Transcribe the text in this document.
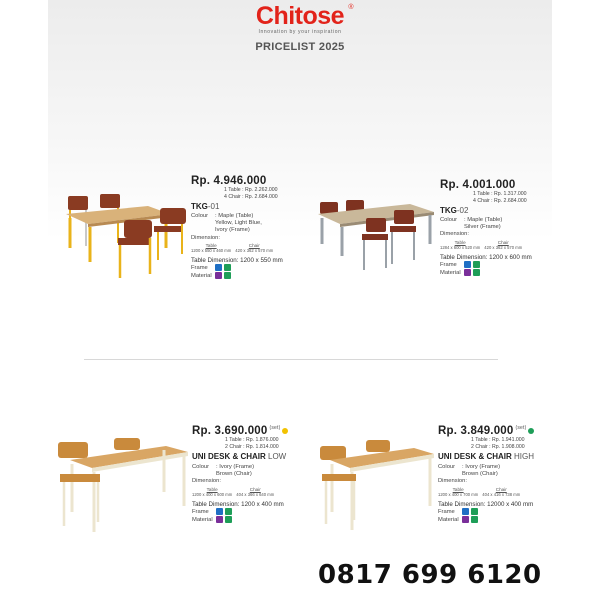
Chitose ®
Innovation by your inspiration
PRICELIST 2025
Rp. 4.946.000
1 Table : Rp. 2.262.000
4 Chair : Rp. 2.684.000
TKG-01
Colour	: Maple (Table)
Yellow, Light Blue,
Ivory (Frame)
Dimension:
Table
1200 x 550 x 460 mm
Chair
420 x 362 x 570 mm
Table Dimension: 1200 x 550 mm
Frame
Material
Rp. 4.001.000
1 Table : Rp. 1.317.000
4 Chair : Rp. 2.684.000
TKG-02
Colour	: Maple (Table)
Silver (Frame)
Dimension:
Table
1284 x 600 x 520 mm
Chair
420 x 362 x 570 mm
Table Dimension: 1200 x 600 mm
Frame
Material
Rp. 3.690.000 $^{(set)}$
1 Table : Rp. 1.876.000
2 Chair : Rp. 1.814.000
UNI DESK & CHAIR LOW
Colour	: Ivory (Frame)
Brown (Chair)
Dimension:
Table
1200 x 400 x 600 mm
Chair
404 x 366 x 640 mm
Table Dimension: 1200 x 400 mm
Frame
Material
Rp. 3.849.000 $^{(set)}$
1 Table : Rp. 1.941.000
2 Chair : Rp. 1.908.000
UNI DESK & CHAIR HIGH
Colour	: Ivory (Frame)
Brown (Chair)
Dimension:
Table
1200 x 400 x 700 mm
Chair
404 x 416 x 738 mm
Table Dimension: 12000 x 400 mm
Frame
Material
0817 699 6120
